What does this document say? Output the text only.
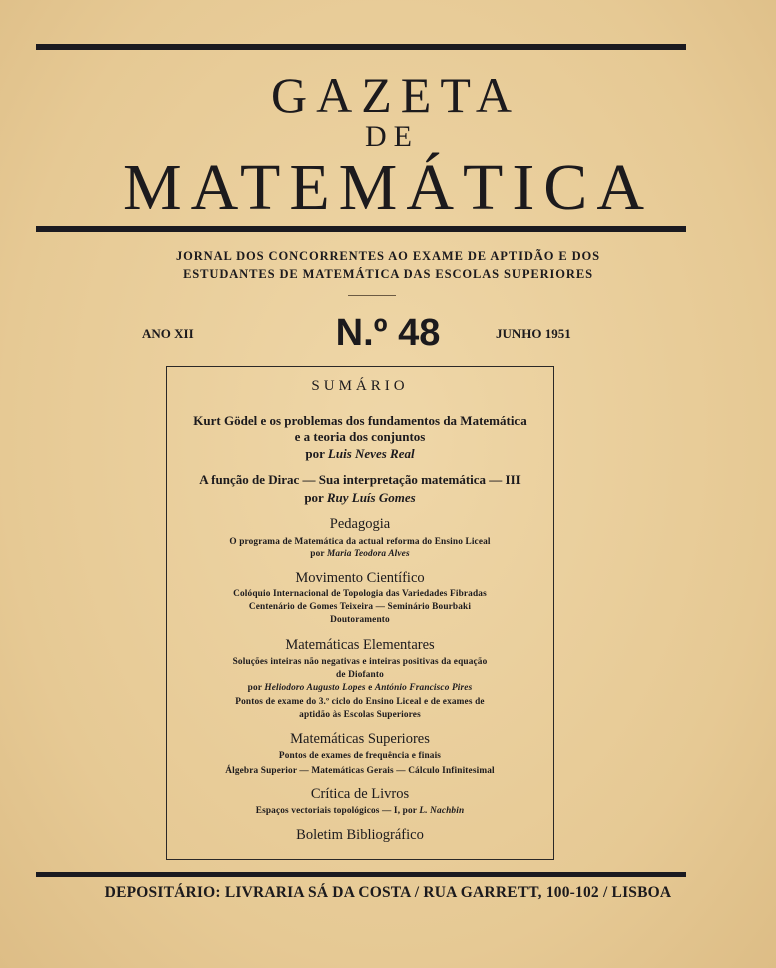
GAZETA
DE
MATEMÁTICA
JORNAL DOS CONCORRENTES AO EXAME DE APTIDÃO E DOS
ESTUDANTES DE MATEMÁTICA DAS ESCOLAS SUPERIORES
ANO XII	N.º 48	JUNHO 1951
SUMÁRIO
Kurt Gödel e os problemas dos fundamentos da Matemática
e a teoria dos conjuntos
por Luis Neves Real
A função de Dirac — Sua interpretação matemática — III
por Ruy Luís Gomes
Pedagogia
O programa de Matemática da actual reforma do Ensino Liceal
por Maria Teodora Alves
Movimento Científico
Colóquio Internacional de Topologia das Variedades Fibradas
Centenário de Gomes Teixeira — Seminário Bourbaki
Doutoramento
Matemáticas Elementares
Soluções inteiras não negativas e inteiras positivas da equação
de Diofanto
por Heliodoro Augusto Lopes e António Francisco Pires
Pontos de exame do 3.º ciclo do Ensino Liceal e de exames de
aptidão às Escolas Superiores
Matemáticas Superiores
Pontos de exames de frequência e finais
Álgebra Superior — Matemáticas Gerais — Cálculo Infinitesimal
Crítica de Livros
Espaços vectoriais topológicos — I, por L. Nachbin
Boletim Bibliográfico
DEPOSITÁRIO: LIVRARIA SÁ DA COSTA / RUA GARRETT, 100-102 / LISBOA
